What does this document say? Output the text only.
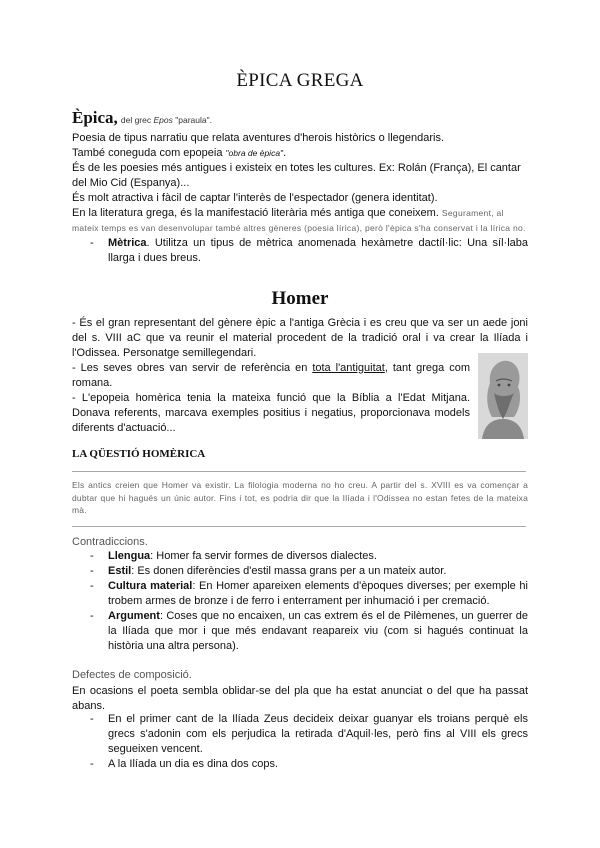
ÈPICA GREGA
Èpica, del grec Epos "paraula".
Poesia de tipus narratiu que relata aventures d'herois històrics o llegendaris.
També coneguda com epopeia "obra de èpica".
És de les poesies més antigues i existeix en totes les cultures. Ex: Rolán (França), El cantar del Mio Cid (Espanya)...
És molt atractiva i fàcil de captar l'interès de l'espectador (genera identitat).
En la literatura grega, és la manifestació literària més antiga que coneixem. Segurament, al mateix temps es van desenvolupar també altres gèneres (poesia lírica), però l'èpica s'ha conservat i la lírica no.
- Mètrica. Utilitza un tipus de mètrica anomenada hexàmetre dactíl·lic: Una síl·laba llarga i dues breus.
Homer

- És el gran representant del gènere èpic a l'antiga Grècia i es creu que va ser un aede joni del s. VIII aC que va reunir el material procedent de la tradició oral i va crear la Ilíada i l'Odissea. Personatge semillegendari.

- Les seves obres van servir de referència en tota l'antiguitat, tant grega com romana.

- L'epopeia homèrica tenia la mateixa funció que la Bíblia a l'Edat Mitjana. Donava referents, marcava exemples positius i negatius, proporcionava models diferents d'actuació...

LA QÜESTIÓ HOMÈRICA
Els antics creien que Homer va existir. La filologia moderna no ho creu. A partir del s. XVIII es va començar a dubtar que hi hagués un únic autor. Fins i tot, es podria dir que la Ilíada i l'Odissea no estan fetes de la mateixa mà.
Contradiccions.
- Llengua: Homer fa servir formes de diversos dialectes.
- Estil: Es donen diferències d'estil massa grans per a un mateix autor.
- Cultura material: En Homer apareixen elements d'èpoques diverses; per exemple hi trobem armes de bronze i de ferro i enterrament per inhumació i per cremació.
- Argument: Coses que no encaixen, un cas extrem és el de Pilèmenes, un guerrer de la Ilíada que mor i que més endavant reapareix viu (com si hagués continuat la història una altra persona).
Defectes de composició.
En ocasions el poeta sembla oblidar-se del pla que ha estat anunciat o del que ha passat abans.
- En el primer cant de la Ilíada Zeus decideix deixar guanyar els troians perquè els grecs s'adonin com els perjudica la retirada d'Aquil·les, però fins al VIII els grecs segueixen vencent.
- A la Ilíada un dia es dina dos cops.
